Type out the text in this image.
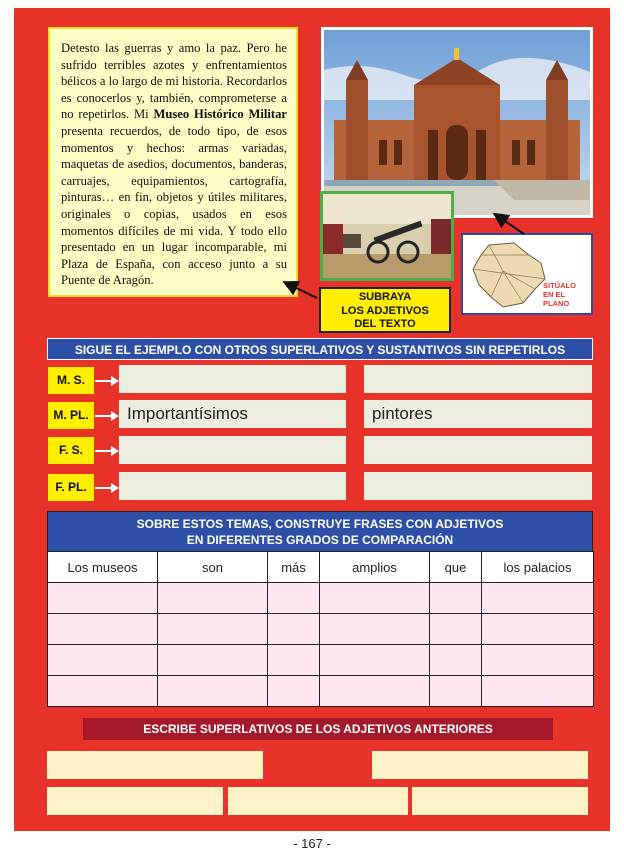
Detesto las guerras y amo la paz. Pero he sufrido terribles azotes y enfrentamientos bélicos a lo largo de mi historia. Recordarlos es conocerlos y, también, comprometerse a no repetirlos. Mi Museo Histórico Militar presenta recuerdos, de todo tipo, de esos momentos y hechos: armas variadas, maquetas de asedios, documentos, banderas, carruajes, equipamientos, cartografía, pinturas… en fin, objetos y útiles militares, originales o copias, usados en esos momentos difíciles de mi vida. Y todo ello presentado en un lugar incomparable, mi Plaza de España, con acceso junto a su Puente de Aragón.	SITÚALO
EN EL
PLANO
SUBRAYA
LOS ADJETIVOS
DEL TEXTO
SIGUE EL EJEMPLO CON OTROS SUPERLATIVOS Y SUSTANTIVOS SIN REPETIRLOS
M. S.
M. PL.	Importantísimos	pintores
F. S.
F. PL.
SOBRE ESTOS TEMAS, CONSTRUYE FRASES CON ADJETIVOS
EN DIFERENTES GRADOS DE COMPARACIÓN
Los museos	son	más	amplios	que	los palacios

ESCRIBE SUPERLATIVOS DE LOS ADJETIVOS ANTERIORES
- 167 -
